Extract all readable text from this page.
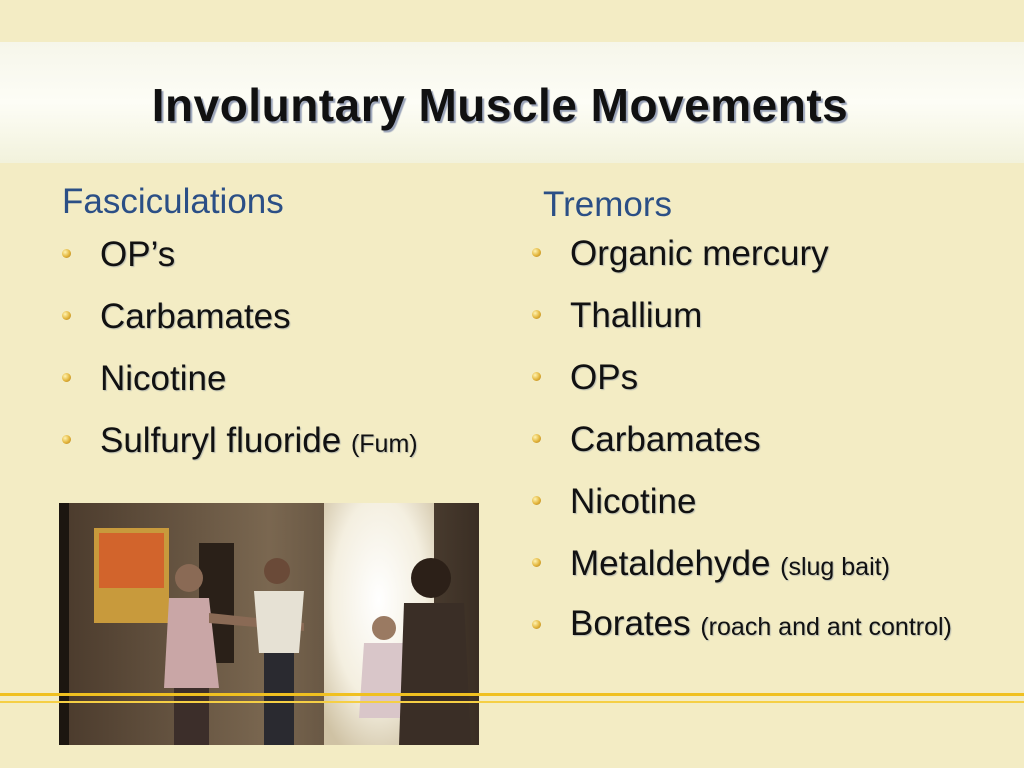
Involuntary Muscle Movements
Fasciculations
OP’s
Carbamates
Nicotine
Sulfuryl fluoride (Fum)
Tremors
Organic mercury
Thallium
OPs
Carbamates
Nicotine
Metaldehyde (slug bait)
Borates (roach and ant control)
